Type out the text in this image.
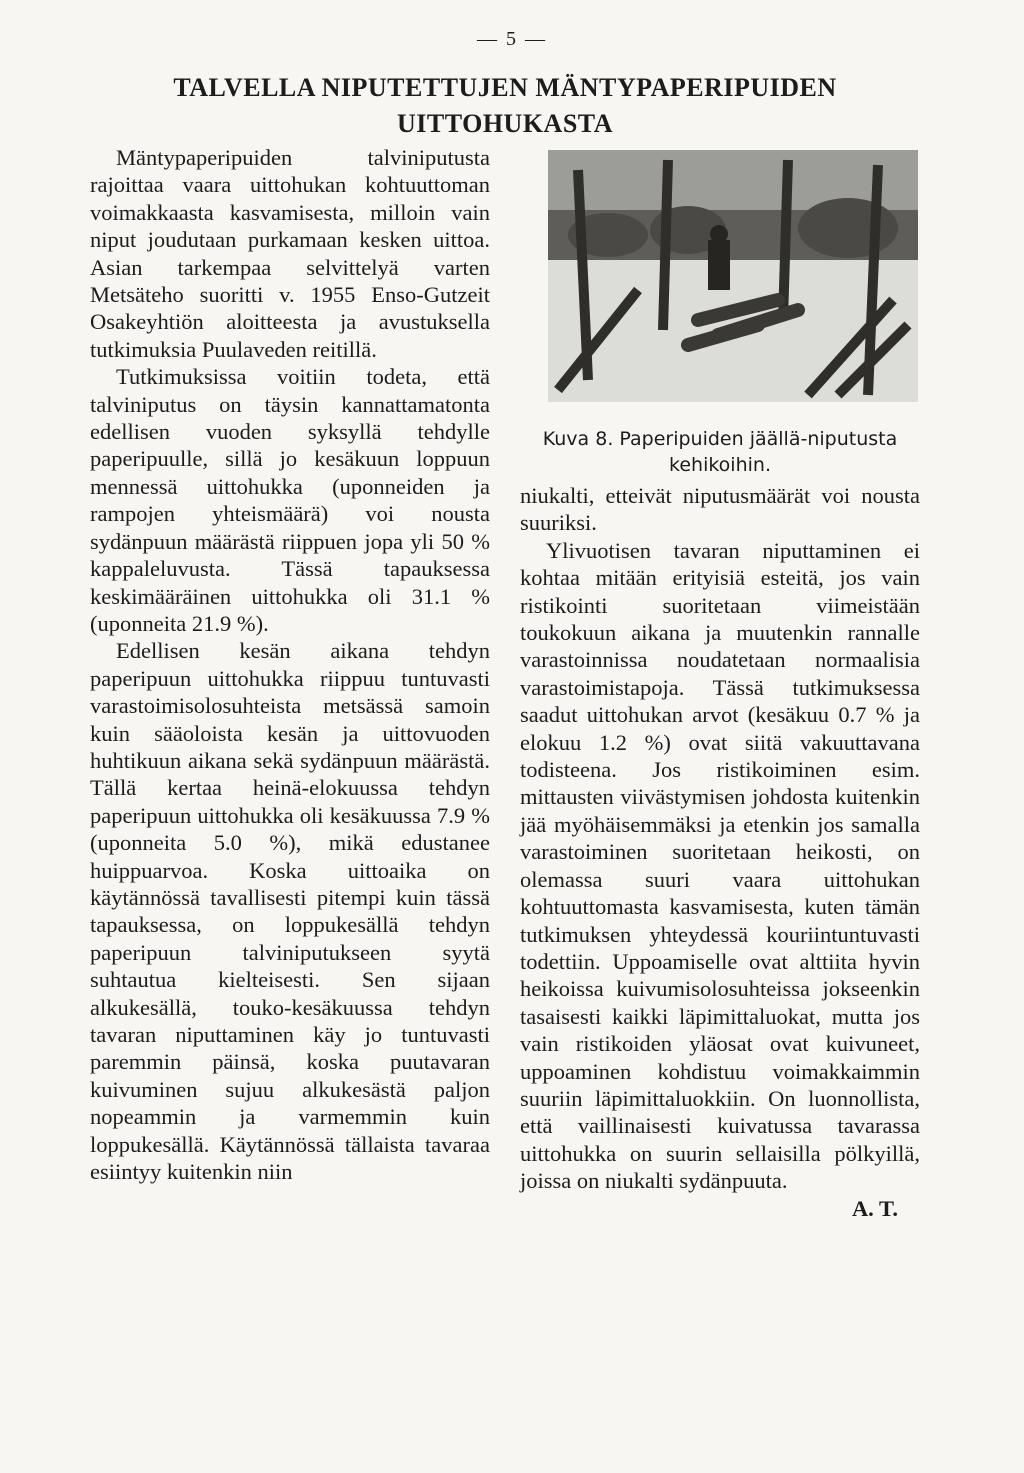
— 5 —
TALVELLA NIPUTETTUJEN MÄNTYPAPERIPUIDEN
UITTOHUKASTA

Mäntypaperipuiden talviniputusta rajoittaa vaara uittohukan kohtuuttoman voimakkaasta kasvamisesta, milloin vain niput joudutaan purkamaan kesken uittoa. Asian tarkempaa selvittelyä varten Metsäteho suoritti v. 1955 Enso-Gutzeit Osakeyhtiön aloitteesta ja avustuksella tutkimuksia Puulaveden reitillä.

Tutkimuksissa voitiin todeta, että talviniputus on täysin kannattamatonta edellisen vuoden syksyllä tehdylle paperipuulle, sillä jo kesäkuun loppuun mennessä uittohukka (uponneiden ja rampojen yhteismäärä) voi nousta sydänpuun määrästä riippuen jopa yli 50 % kappaleluvusta. Tässä tapauksessa keskimääräinen uittohukka oli 31.1 % (uponneita 21.9 %).

Edellisen kesän aikana tehdyn paperipuun uittohukka riippuu tuntuvasti varastoimisolosuhteista metsässä samoin kuin sääoloista kesän ja uittovuoden huhtikuun aikana sekä sydänpuun määrästä. Tällä kertaa heinä-elokuussa tehdyn paperipuun uittohukka oli kesäkuussa 7.9 % (uponneita 5.0 %), mikä edustanee huippuarvoa. Koska uittoaika on käytännössä tavallisesti pitempi kuin tässä tapauksessa, on loppukesällä tehdyn paperipuun talviniputukseen syytä suhtautua kielteisesti. Sen sijaan alkukesällä, touko-kesäkuussa tehdyn tavaran niputtaminen käy jo tuntuvasti paremmin päinsä, koska puutavaran kuivuminen sujuu alkukesästä paljon nopeammin ja varmemmin kuin loppukesällä. Käytännössä tällaista tavaraa esiintyy kuitenkin niin

Kuva 8. Paperipuiden jäällä-niputusta kehikoihin.

niukalti, etteivät niputusmäärät voi nousta suuriksi.

Ylivuotisen tavaran niputtaminen ei kohtaa mitään erityisiä esteitä, jos vain ristikointi suoritetaan viimeistään toukokuun aikana ja muutenkin rannalle varastoinnissa noudatetaan normaalisia varastoimistapoja. Tässä tutkimuksessa saadut uittohukan arvot (kesäkuu 0.7 % ja elokuu 1.2 %) ovat siitä vakuuttavana todisteena. Jos ristikoiminen esim. mittausten viivästymisen johdosta kuitenkin jää myöhäisemmäksi ja etenkin jos samalla varastoiminen suoritetaan heikosti, on olemassa suuri vaara uittohukan kohtuuttomasta kasvamisesta, kuten tämän tutkimuksen yhteydessä kouriintuntuvasti todettiin. Uppoamiselle ovat alttiita hyvin heikoissa kuivumisolosuhteissa jokseenkin tasaisesti kaikki läpimittaluokat, mutta jos vain ristikoiden yläosat ovat kuivuneet, uppoaminen kohdistuu voimakkaimmin suuriin läpimittaluokkiin. On luonnollista, että vaillinaisesti kuivatussa tavarassa uittohukka on suurin sellaisilla pölkyillä, joissa on niukalti sydänpuuta.

A. T.
